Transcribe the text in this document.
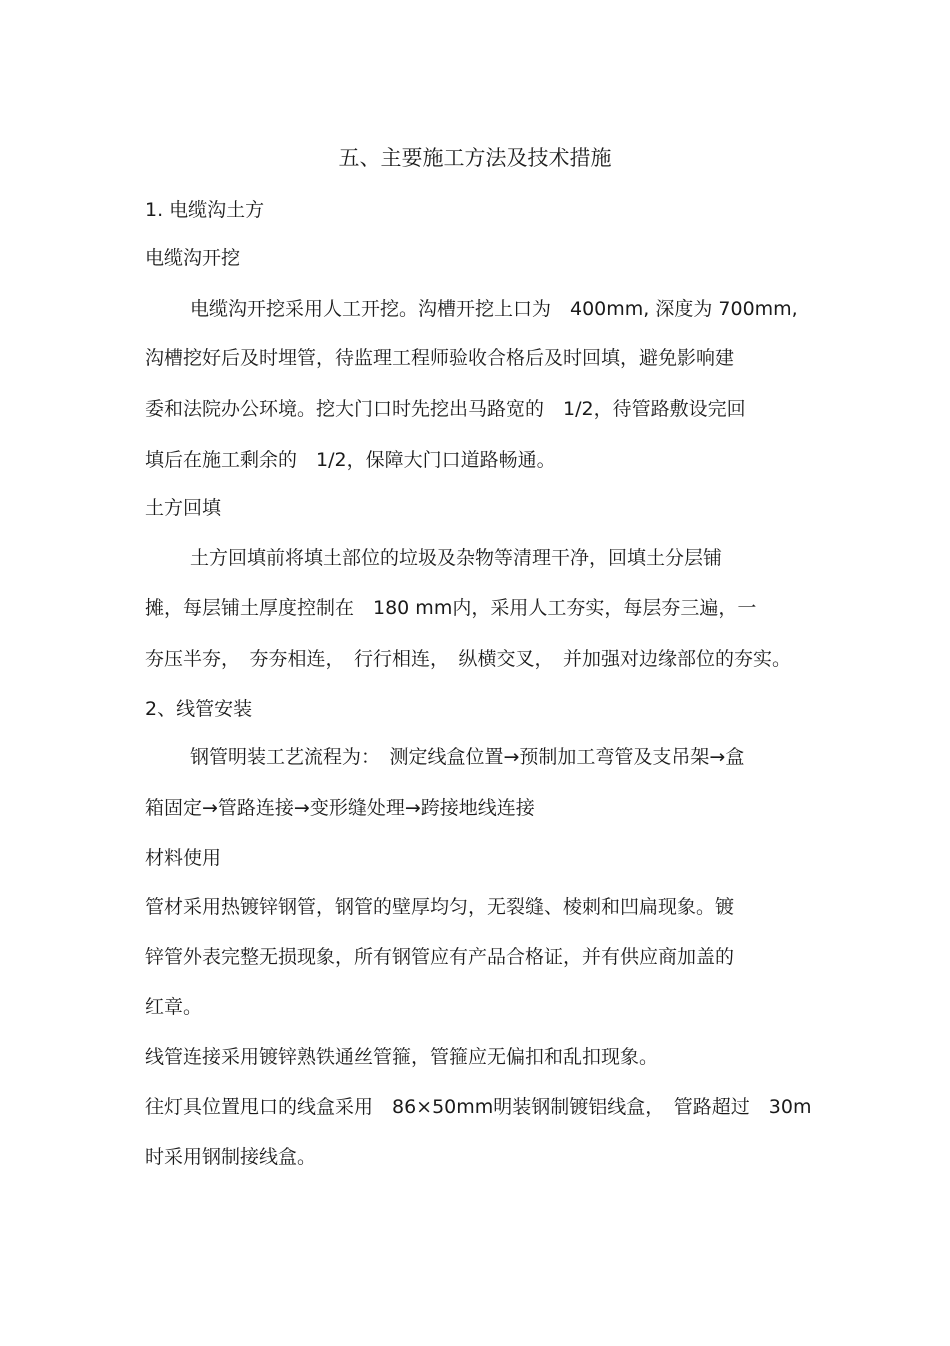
五、主要施工方法及技术措施
1. 电缆沟土方
电缆沟开挖
电缆沟开挖采用人工开挖。沟槽开挖上口为　400mm, 深度为 700mm,
沟槽挖好后及时埋管，待监理工程师验收合格后及时回填，避免影响建
委和法院办公环境。挖大门口时先挖出马路宽的　1/2，待管路敷设完回
填后在施工剩余的　1/2，保障大门口道路畅通。
土方回填
土方回填前将填土部位的垃圾及杂物等清理干净，回填土分层铺
摊，每层铺土厚度控制在　180 mm内，采用人工夯实，每层夯三遍，一
夯压半夯，　夯夯相连，　行行相连，　纵横交叉，　并加强对边缘部位的夯实。
2、线管安装
钢管明装工艺流程为：　测定线盒位置→预制加工弯管及支吊架→盒
箱固定→管路连接→变形缝处理→跨接地线连接
材料使用
管材采用热镀锌钢管，钢管的壁厚均匀，无裂缝、棱刺和凹扁现象。镀
锌管外表完整无损现象，所有钢管应有产品合格证，并有供应商加盖的
红章。
线管连接采用镀锌熟铁通丝管箍，管箍应无偏扣和乱扣现象。
往灯具位置甩口的线盒采用　86×50mm明装钢制镀铝线盒，　管路超过　30m
时采用钢制接线盒。
